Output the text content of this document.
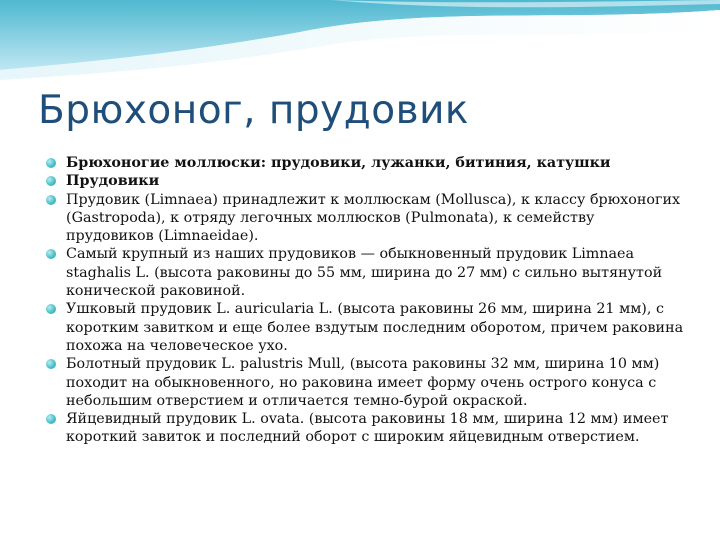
Брюхоног, прудовик
Брюхоногие моллюски: прудовики, лужанки, битиния, катушки
Прудовики
Прудовик (Limnaea) принадлежит к моллюскам (Mollusca), к классу брюхоногих (Gastropoda), к отряду легочных моллюсков (Pulmonata), к семейству прудовиков (Limnaeidae).
Самый крупный из наших прудовиков — обыкновенный прудовик Limnaea staghalis L. (высота раковины до 55 мм, ширина до 27 мм) с сильно вытянутой конической раковиной.
Ушковый прудовик L. auricularia L. (высота раковины 26 мм, ширина 21 мм), с коротким завитком и еще более вздутым последним оборотом, причем раковина похожа на человеческое ухо.
Болотный прудовик L. palustris Mull, (высота раковины 32 мм, ширина 10 мм) походит на обыкновенного, но раковина имеет форму очень острого конуса с небольшим отверстием и отличается темно-бурой окраской.
Яйцевидный прудовик L. ovata. (высота раковины 18 мм, ширина 12 мм) имеет короткий завиток и последний оборот с широким яйцевидным отверстием.
